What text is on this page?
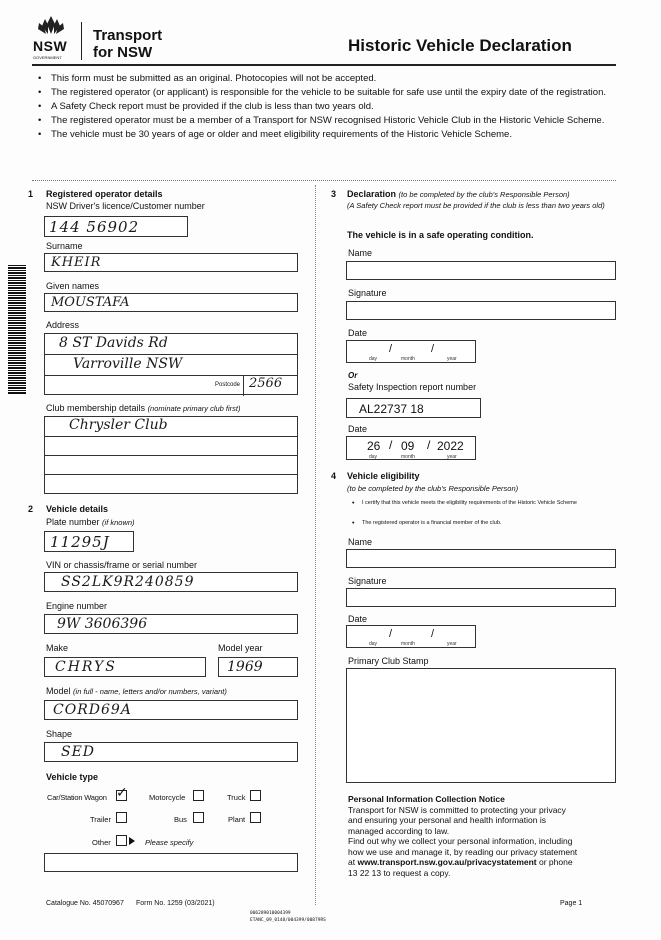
NSW
GOVERNMENT
Transport
for NSW	Historic Vehicle Declaration
• This form must be submitted as an original. Photocopies will not be accepted.
• The registered operator (or applicant) is responsible for the vehicle to be suitable for safe use until the expiry date of the registration.
• A Safety Check report must be provided if the club is less than two years old.
• The registered operator must be a member of a Transport for NSW recognised Historic Vehicle Club in the Historic Vehicle Scheme.
• The vehicle must be 30 years of age or older and meet eligibility requirements of the Historic Vehicle Scheme.
1 Registered operator details
NSW Driver's licence/Customer number
144 56902
Surname
KHEIR
Given names
MOUSTAFA
Address
8 ST Davids Rd
Varroville NSW
Postcode 2566
Club membership details (nominate primary club first)
Chrysler Club
2 Vehicle details
Plate number (if known)
11295J
VIN or chassis/frame or serial number
SS2LK9R240859
Engine number
9W 3606396
Make	Model year
CHRYS	1969
Model (in full - name, letters and/or numbers, variant)
CORD69A
Shape
SED
Vehicle type
Car/Station Wagon ✓	Motorcycle	Truck
Trailer	Bus	Plant
Other	Please specify
3 Declaration (to be completed by the club's Responsible Person)
(A Safety Check report must be provided if the club is less than two years old)
The vehicle is in a safe operating condition.
Name
Signature
Date
/	/
day	month	year
Or
Safety Inspection report number
AL22737 18
Date
26 / 09 / 2022
day	month	year
4 Vehicle eligibility
(to be completed by the club's Responsible Person)
• I certify that this vehicle meets the eligibility requirements of the Historic Vehicle Scheme
• The registered operator is a financial member of the club.
Name
Signature
Date
/	/
day	month	year
Primary Club Stamp
Personal Information Collection Notice
Transport for NSW is committed to protecting your privacy
and ensuring your personal and health information is
managed according to law.
Find out why we collect your personal information, including
how we use and manage it, by reading our privacy statement
at www.transport.nsw.gov.au/privacystatement or phone
13 22 13 to request a copy.
Catalogue No. 45070967 Form No. 1259 (03/2021)	Page 1
006289010004399
ETANC_09_0148/004399/00879RS
